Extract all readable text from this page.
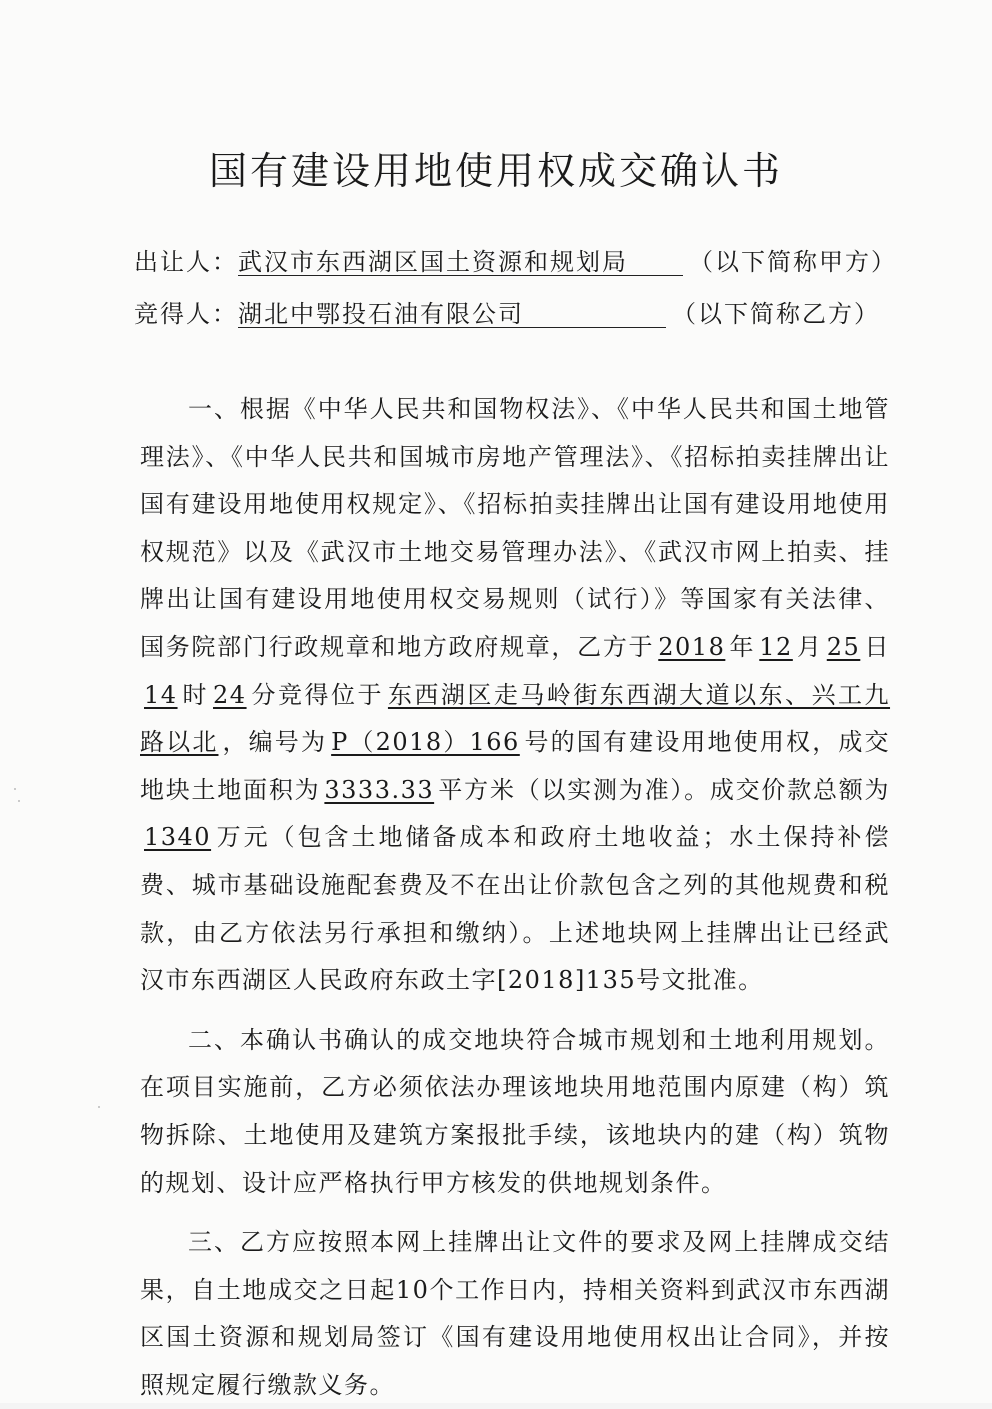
国有建设用地使用权成交确认书
出让人：武汉市东西湖区国土资源和规划局	（以下简称甲方）
竞得人：湖北中鄂投石油有限公司	（以下简称乙方）

一、根据《中华人民共和国物权法》、《中华人民共和国土地管理法》、《中华人民共和国城市房地产管理法》、《招标拍卖挂牌出让国有建设用地使用权规定》、《招标拍卖挂牌出让国有建设用地使用权规范》以及《武汉市土地交易管理办法》、《武汉市网上拍卖、挂牌出让国有建设用地使用权交易规则（试行）》等国家有关法律、国务院部门行政规章和地方政府规章，乙方于 2018 年 12 月 25 日14 时 24 分竞得位于 东西湖区走马岭街东西湖大道以东、兴工九路以北 ，编号为 P（2018）166 号的国有建设用地使用权，成交地块土地面积为 3333.33 平方米（以实测为准）。成交价款总额为1340 万元（包含土地储备成本和政府土地收益；水土保持补偿费、城市基础设施配套费及不在出让价款包含之列的其他规费和税款，由乙方依法另行承担和缴纳）。上述地块网上挂牌出让已经武汉市东西湖区人民政府东政土字[2018]135号文批准。

二、本确认书确认的成交地块符合城市规划和土地利用规划。在项目实施前，乙方必须依法办理该地块用地范围内原建（构）筑物拆除、土地使用及建筑方案报批手续，该地块内的建（构）筑物的规划、设计应严格执行甲方核发的供地规划条件。

三、乙方应按照本网上挂牌出让文件的要求及网上挂牌成交结果，自土地成交之日起10个工作日内，持相关资料到武汉市东西湖区国土资源和规划局签订《国有建设用地使用权出让合同》，并按照规定履行缴款义务。
